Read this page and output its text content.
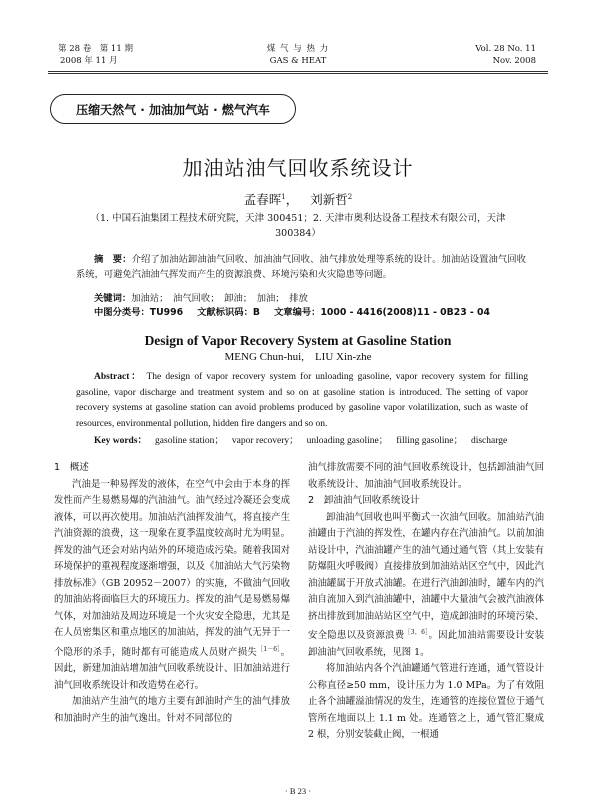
第 28 卷　第 11 期
2008 年 11 月
煤 气 与 热 力
GAS & HEAT
Vol. 28 No. 11
Nov. 2008
压缩天然气 · 加油加气站 · 燃气汽车
加油站油气回收系统设计
孟春晖$^1$， 刘新哲$^2$
（1. 中国石油集团工程技术研究院，天津 300451；2. 天津市奥利达设备工程技术有限公司，天津 300384）
摘　要：介绍了加油站卸油油气回收、加油油气回收、油气排放处理等系统的设计。加油站设置油气回收系统，可避免汽油油气挥发而产生的资源浪费、环境污染和火灾隐患等问题。
关键词：加油站；　油气回收；　卸油；　加油；　排放
中图分类号：TU996 文献标识码：B 文章编号：1000 - 4416(2008)11 - 0B23 - 04
Design of Vapor Recovery System at Gasoline Station
MENG Chun-hui,    LIU Xin-zhe
Abstract： The design of vapor recovery system for unloading gasoline, vapor recovery system for filling gasoline, vapor discharge and treatment system and so on at gasoline station is introduced. The setting of vapor recovery systems at gasoline station can avoid problems produced by gasoline vapor volatilization, such as waste of resources, environmental pollution, hidden fire dangers and so on.
Key words： gasoline station； vapor recovery； unloading gasoline； filling gasoline； discharge

1　概述

汽油是一种易挥发的液体，在空气中会由于本身的挥发性而产生易燃易爆的汽油油气。油气经过冷凝还会变成液体，可以再次使用。加油站汽油挥发油气，将直接产生汽油资源的浪费，这一现象在夏季温度较高时尤为明显。挥发的油气还会对站内站外的环境造成污染。随着我国对环境保护的重视程度逐渐增强，以及《加油站大气污染物排放标准》（GB 20952－2007）的实施，不做油气回收的加油站将面临巨大的环境压力。挥发的油气是易燃易爆气体，对加油站及周边环境是一个火灾安全隐患，尤其是在人员密集区和重点地区的加油站，挥发的油气无异于一个隐形的杀手，随时都有可能造成人员财产损失$^{[1-6]}$。因此，新建加油站增加油气回收系统设计、旧加油站进行油气回收系统设计和改造势在必行。

加油站产生油气的地方主要有卸油时产生的油气排放和加油时产生的油气逸出。针对不同部位的

油气排放需要不同的油气回收系统设计，包括卸油油气回收系统设计、加油油气回收系统设计。

2　卸油油气回收系统设计

卸油油气回收也叫平衡式一次油气回收。加油站汽油油罐由于汽油的挥发性，在罐内存在汽油油气。以前加油站设计中，汽油油罐产生的油气通过通气管（其上安装有防爆阻火呼吸阀）直接排放到加油站站区空气中，因此汽油油罐属于开放式油罐。在进行汽油卸油时，罐车内的汽油自流加入到汽油油罐中，油罐中大量油气会被汽油液体挤出排放到加油站站区空气中，造成卸油时的环境污染、安全隐患以及资源浪费$^{[3,6]}$。因此加油站需要设计安装卸油油气回收系统，见图 1。

将加油站内各个汽油罐通气管进行连通，通气管设计公称直径≥50 mm，设计压力为 1.0 MPa。为了有效阻止各个油罐溢油情况的发生，连通管的连接位置位于通气管所在地面以上 1.1 m 处。连通管之上，通气管汇聚成 2 根，分别安装截止阀，一根通

· B 23 ·
